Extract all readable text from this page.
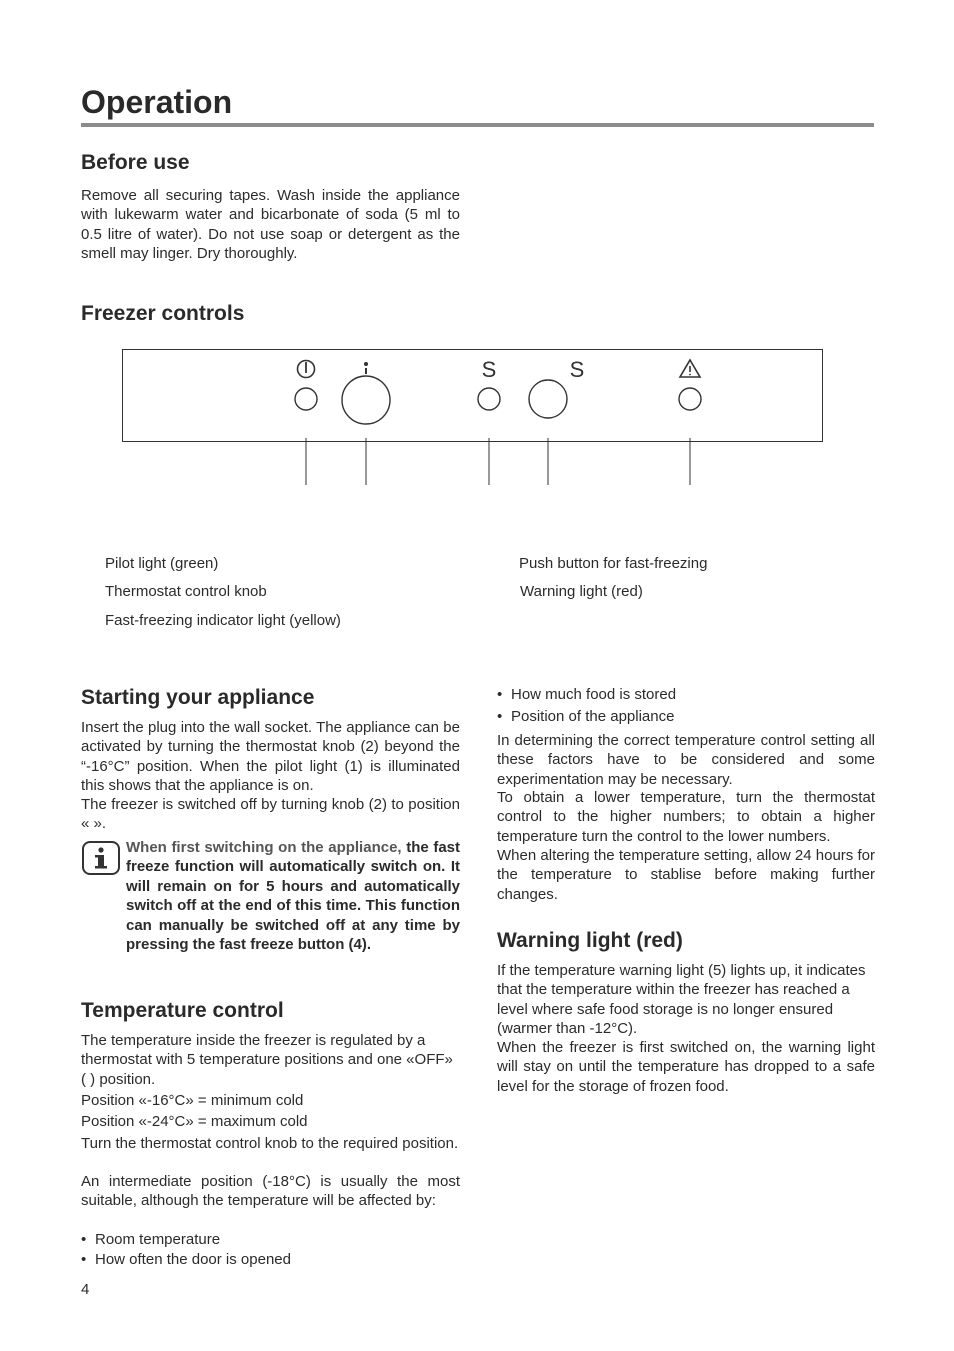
Operation
Before use

Remove all securing tapes. Wash inside the appliance with lukewarm water and bicarbonate of soda (5 ml to 0.5 litre of water). Do not use soap or detergent as the smell may linger. Dry thoroughly.

Freezer controls
S	S
Pilot light (green)
Thermostat control knob
Fast-freezing indicator light (yellow)
Push button for fast-freezing
Warning light (red)
Starting your appliance

Insert the plug into the wall socket. The appliance can be activated by turning the thermostat knob (2) beyond the “-16°C” position. When the pilot light (1) is illuminated this shows that the appliance is on.

The freezer is switched off by turning knob (2) to position « ».

When first switching on the appliance, the fast freeze function will automatically switch on. It will remain on for 5 hours and automatically switch off at the end of this time. This function can manually be switched off at any time by pressing the fast freeze button (4).

Temperature control

The temperature inside the freezer is regulated by a thermostat with 5 temperature positions and one «OFF» ( ) position.

Position «-16°C» = minimum cold

Position «-24°C» = maximum cold

Turn the thermostat control knob to the required position.

An intermediate position (-18°C) is usually the most suitable, although the temperature will be affected by:

• Room temperature
• How often the door is opened
• How much food is stored
• Position of the appliance

In determining the correct temperature control setting all these factors have to be considered and some experimentation may be necessary.

To obtain a lower temperature, turn the thermostat control to the higher numbers; to obtain a higher temperature turn the control to the lower numbers.

When altering the temperature setting, allow 24 hours for the temperature to stablise before making further changes.

Warning light (red)

If the temperature warning light (5) lights up, it indicates that the temperature within the freezer has reached a level where safe food storage is no longer ensured (warmer than -12°C).

When the freezer is first switched on, the warning light will stay on until the temperature has dropped to a safe level for the storage of frozen food.

4
